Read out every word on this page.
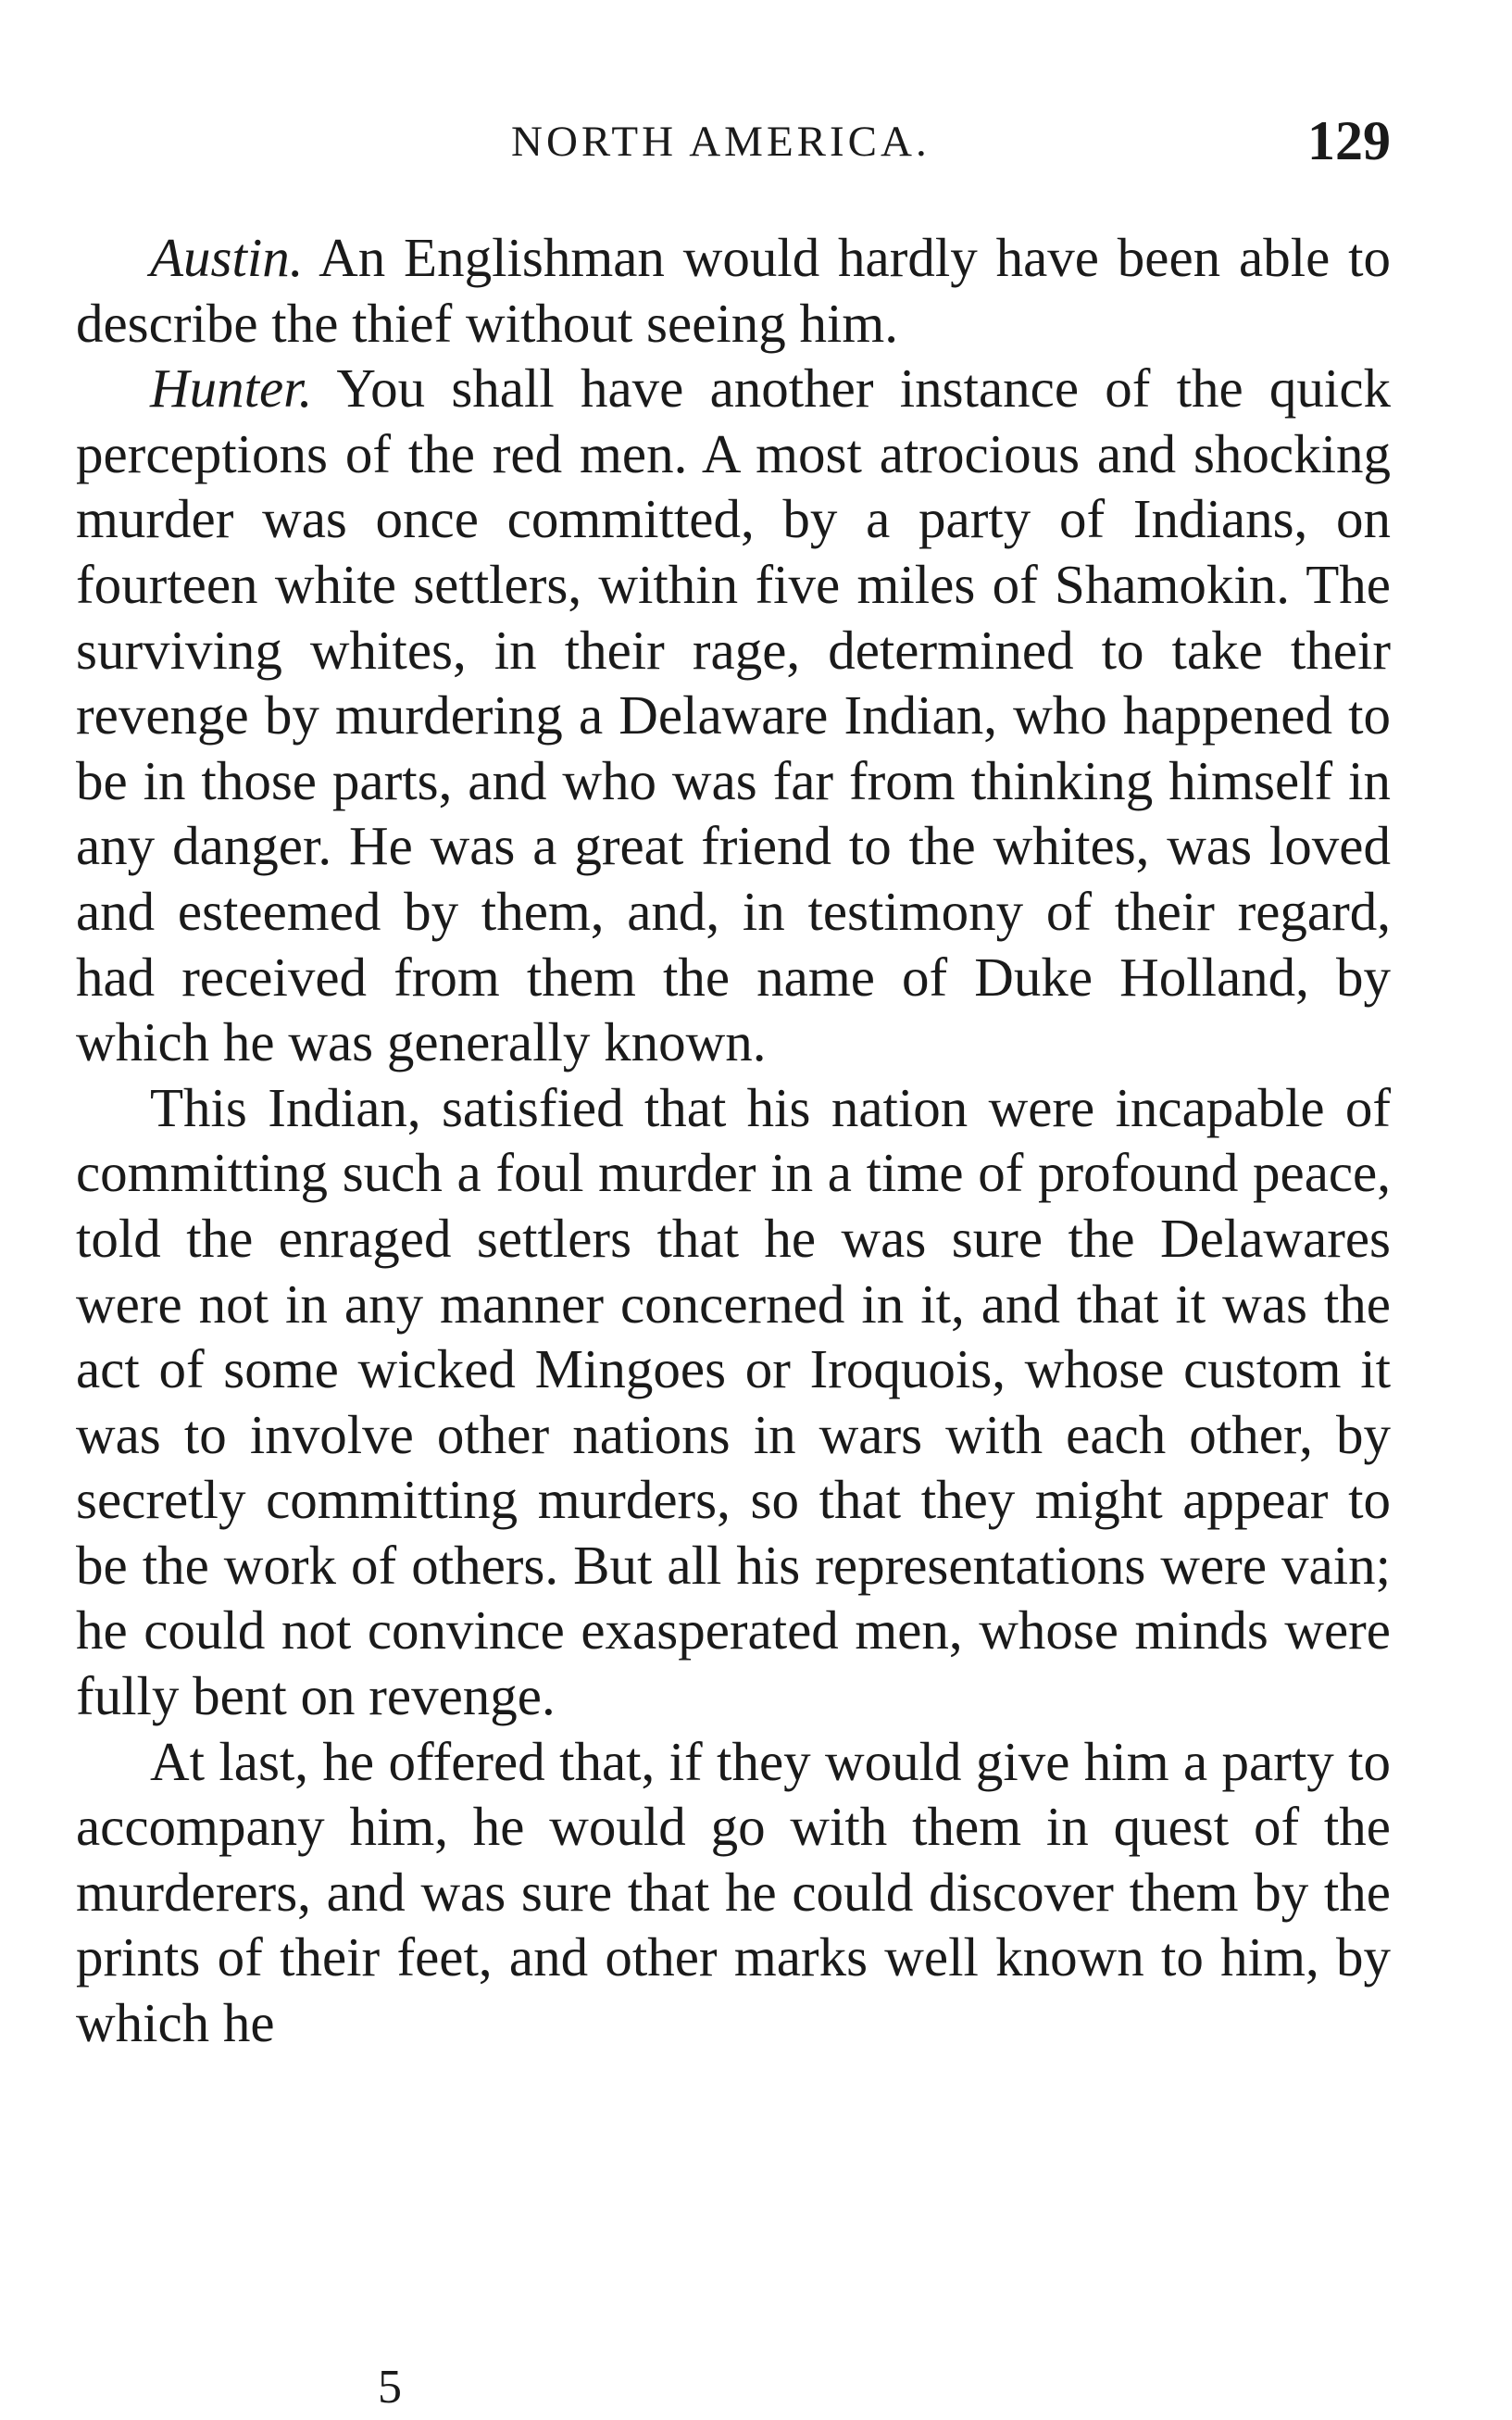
NORTH AMERICA.	129

Austin. An Englishman would hardly have been able to describe the thief without seeing him.

Hunter. You shall have another instance of the quick perceptions of the red men. A most atrocious and shocking murder was once committed, by a party of Indians, on fourteen white settlers, within five miles of Shamokin. The surviving whites, in their rage, determined to take their revenge by murdering a Delaware Indian, who happened to be in those parts, and who was far from thinking himself in any danger. He was a great friend to the whites, was loved and esteemed by them, and, in testimony of their regard, had received from them the name of Duke Holland, by which he was generally known.

This Indian, satisfied that his nation were incapable of committing such a foul murder in a time of profound peace, told the enraged settlers that he was sure the Delawares were not in any manner concerned in it, and that it was the act of some wicked Mingoes or Iroquois, whose custom it was to involve other nations in wars with each other, by secretly committing murders, so that they might appear to be the work of others. But all his representations were vain; he could not convince exasperated men, whose minds were fully bent on revenge.

At last, he offered that, if they would give him a party to accompany him, he would go with them in quest of the murderers, and was sure that he could discover them by the prints of their feet, and other marks well known to him, by which he

5
